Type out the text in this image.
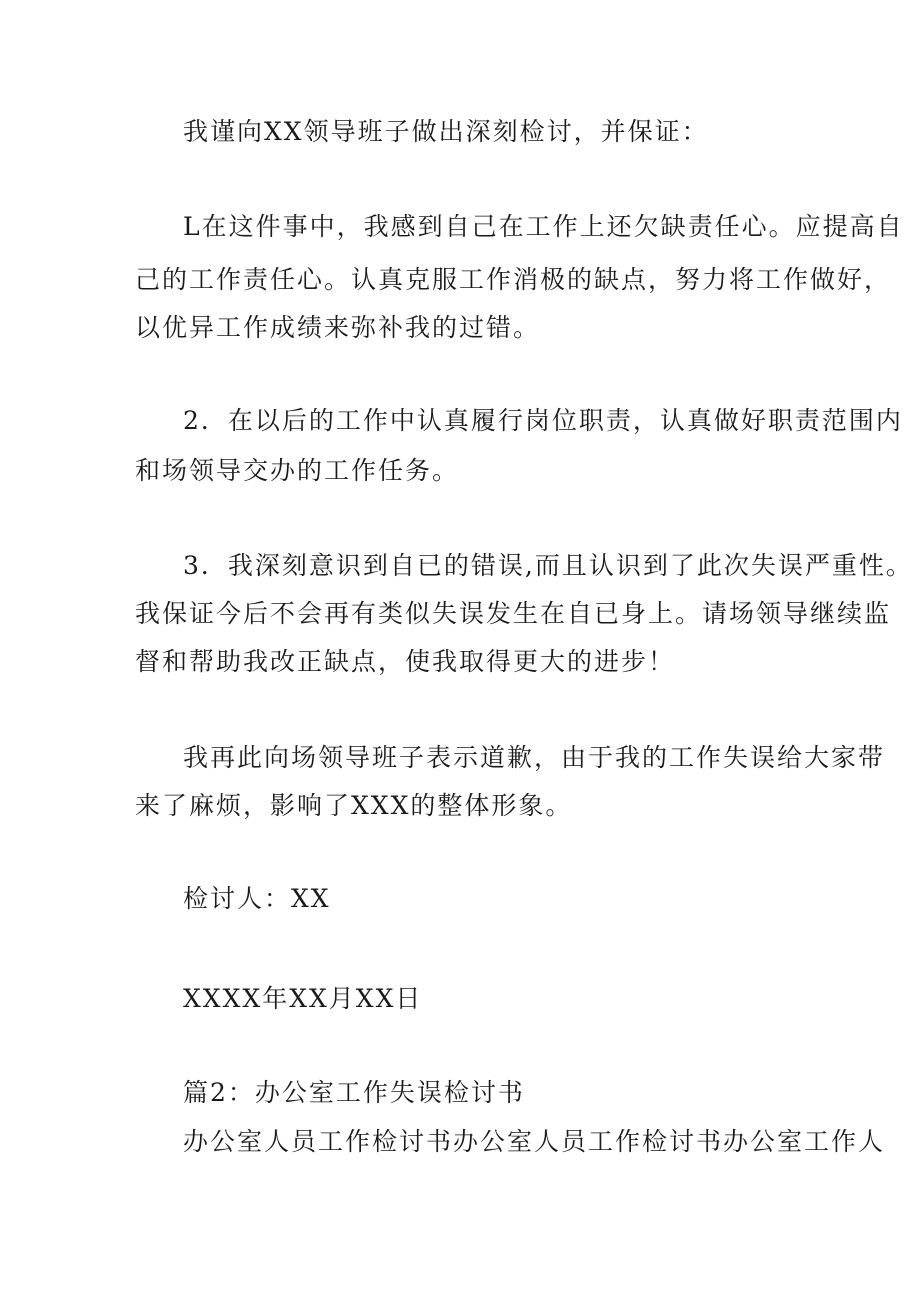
我谨向XX领导班子做出深刻检讨，并保证：
L在这件事中，我感到自己在工作上还欠缺责任心。应提高自
己的工作责任心。认真克服工作消极的缺点，努力将工作做好，
以优异工作成绩来弥补我的过错。
2．在以后的工作中认真履行岗位职责，认真做好职责范围内
和场领导交办的工作任务。
3．我深刻意识到自已的错误,而且认识到了此次失误严重性。
我保证今后不会再有类似失误发生在自已身上。请场领导继续监
督和帮助我改正缺点，使我取得更大的进步！
我再此向场领导班子表示道歉，由于我的工作失误给大家带
来了麻烦，影响了XXX的整体形象。
检讨人：XX
XXXX年XX月XX日
篇2：办公室工作失误检讨书
办公室人员工作检讨书办公室人员工作检讨书办公室工作人
